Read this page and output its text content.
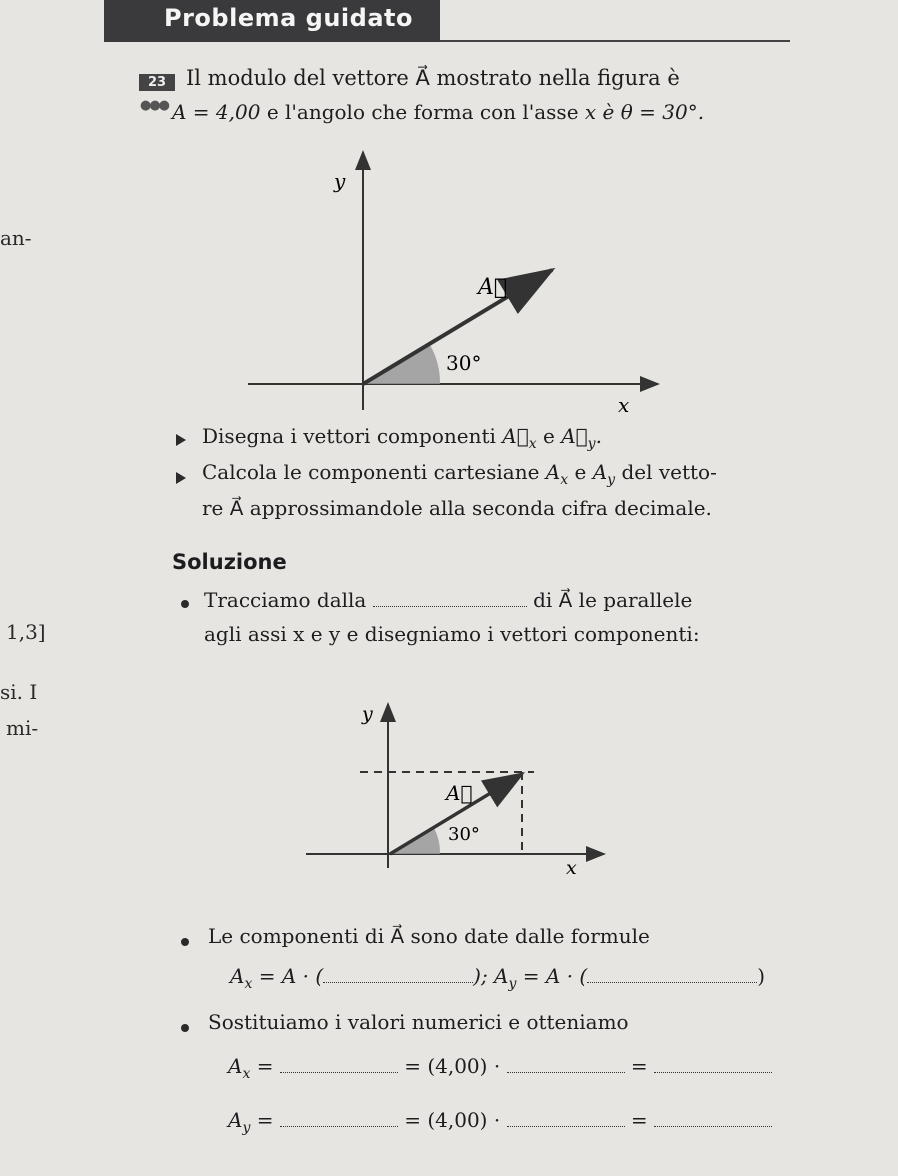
Problema guidato
23
●●●
Il modulo del vettore A⃗ mostrato nella figura è
A = 4,00 e l'angolo che forma con l'asse x è θ = 30°.
y
x
A⃗
30°
Disegna i vettori componenti $A⃗_x$ e $A⃗_y$.
Calcola le componenti cartesiane $A_x$ e $A_y$ del vetto-
re A⃗ approssimandole alla seconda cifra decimale.
Soluzione
Tracciamo dalla	di A⃗ le parallele
agli assi x e y e disegniamo i vettori componenti:
y
x
A⃗
30°
Le componenti di A⃗ sono date dalle formule
$A_x = A$ · (	); $A_y = A$ · (	)
Sostituiamo i valori numerici e otteniamo
$A_x$ =	= (4,00) ·	=
$A_y$ =	= (4,00) ·	=
an-
1,3]
si. I
mi-
